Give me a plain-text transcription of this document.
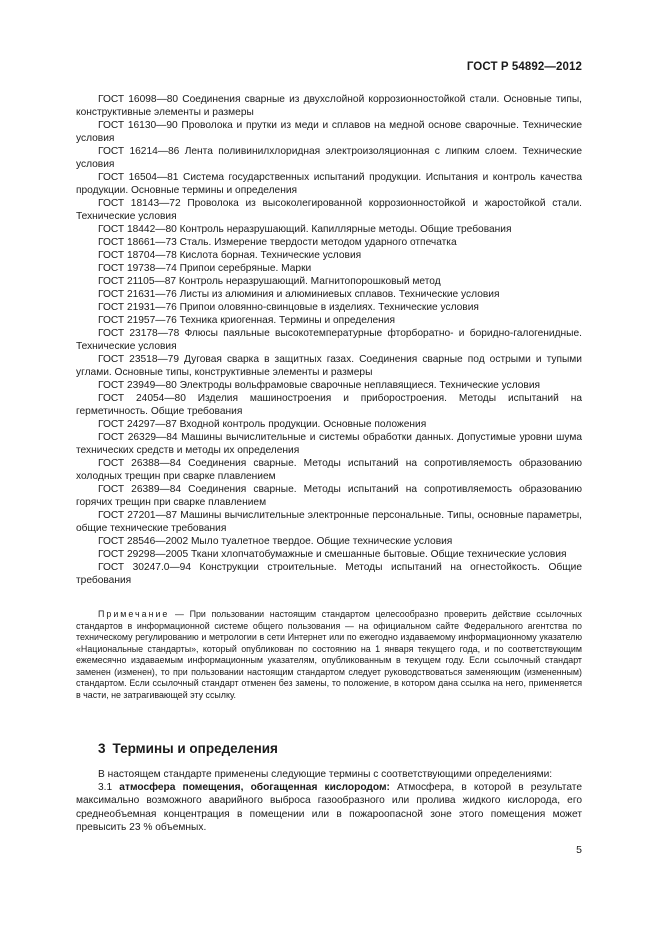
ГОСТ Р 54892—2012

ГОСТ 16098—80 Соединения сварные из двухслойной коррозионностойкой стали. Основные типы, конструктивные элементы и размеры

ГОСТ 16130—90 Проволока и прутки из меди и сплавов на медной основе сварочные. Технические условия

ГОСТ 16214—86 Лента поливинилхлоридная электроизоляционная с липким слоем. Технические условия

ГОСТ 16504—81 Система государственных испытаний продукции. Испытания и контроль качества продукции. Основные термины и определения

ГОСТ 18143—72 Проволока из высоколегированной коррозионностойкой и жаростойкой стали. Технические условия

ГОСТ 18442—80 Контроль неразрушающий. Капиллярные методы. Общие требования

ГОСТ 18661—73 Сталь. Измерение твердости методом ударного отпечатка

ГОСТ 18704—78 Кислота борная. Технические условия

ГОСТ 19738—74 Припои серебряные. Марки

ГОСТ 21105—87 Контроль неразрушающий. Магнитопорошковый метод

ГОСТ 21631—76 Листы из алюминия и алюминиевых сплавов. Технические условия

ГОСТ 21931—76 Припои оловянно-свинцовые в изделиях. Технические условия

ГОСТ 21957—76 Техника криогенная. Термины и определения

ГОСТ 23178—78 Флюсы паяльные высокотемпературные фторборатно- и боридно-галогенидные. Технические условия

ГОСТ 23518—79 Дуговая сварка в защитных газах. Соединения сварные под острыми и тупыми углами. Основные типы, конструктивные элементы и размеры

ГОСТ 23949—80 Электроды вольфрамовые сварочные неплавящиеся. Технические условия

ГОСТ 24054—80 Изделия машиностроения и приборостроения. Методы испытаний на герметичность. Общие требования

ГОСТ 24297—87 Входной контроль продукции. Основные положения

ГОСТ 26329—84 Машины вычислительные и системы обработки данных. Допустимые уровни шума технических средств и методы их определения

ГОСТ 26388—84 Соединения сварные. Методы испытаний на сопротивляемость образованию холодных трещин при сварке плавлением

ГОСТ 26389—84 Соединения сварные. Методы испытаний на сопротивляемость образованию горячих трещин при сварке плавлением

ГОСТ 27201—87 Машины вычислительные электронные персональные. Типы, основные параметры, общие технические требования

ГОСТ 28546—2002 Мыло туалетное твердое. Общие технические условия

ГОСТ 29298—2005 Ткани хлопчатобумажные и смешанные бытовые. Общие технические условия

ГОСТ 30247.0—94 Конструкции строительные. Методы испытаний на огнестойкость. Общие требования

Примечание — При пользовании настоящим стандартом целесообразно проверить действие ссылочных стандартов в информационной системе общего пользования — на официальном сайте Федерального агентства по техническому регулированию и метрологии в сети Интернет или по ежегодно издаваемому информационному указателю «Национальные стандарты», который опубликован по состоянию на 1 января текущего года, и по соответствующим ежемесячно издаваемым информационным указателям, опубликованным в текущем году. Если ссылочный стандарт заменен (изменен), то при пользовании настоящим стандартом следует руководствоваться заменяющим (измененным) стандартом. Если ссылочный стандарт отменен без замены, то положение, в котором дана ссылка на него, применяется в части, не затрагивающей эту ссылку.

3 Термины и определения

В настоящем стандарте применены следующие термины с соответствующими определениями:

3.1 атмосфера помещения, обогащенная кислородом: Атмосфера, в которой в результате максимально возможного аварийного выброса газообразного или пролива жидкого кислорода, его среднеобъемная концентрация в помещении или в пожароопасной зоне этого помещения может превысить 23 % объемных.

5
